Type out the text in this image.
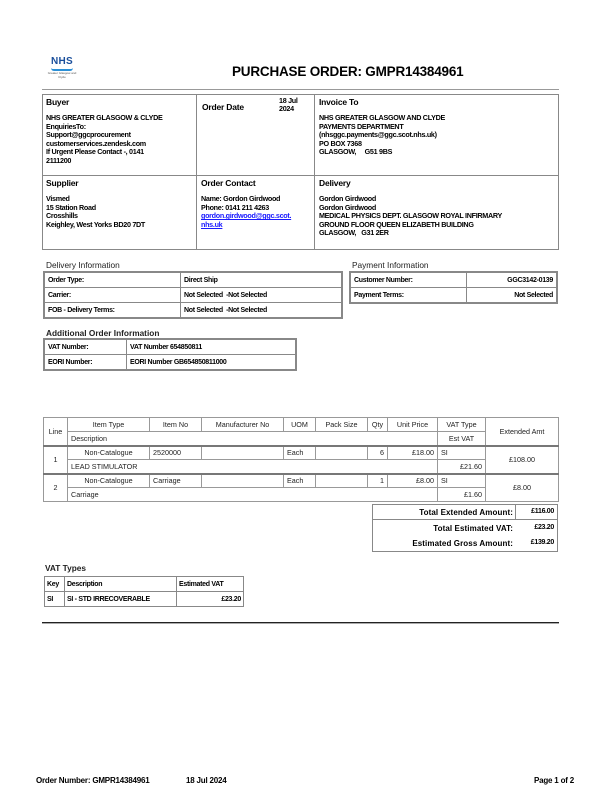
NHS
Greater Glasgow and Clyde	PURCHASE ORDER: GMPR14384961
Buyer
NHS GREATER GLASGOW & CLYDE
EnquiriesTo:
Support@ggcprocurement
customerservices.zendesk.com
If Urgent Please Contact -, 0141
2111200
Order Date
18 Jul
2024
Invoice To
NHS GREATER GLASGOW AND CLYDE
PAYMENTS DEPARTMENT
(nhsggc.payments@ggc.scot.nhs.uk)
PO BOX 7368
GLASGOW,     G51 9BS
Supplier
Vismed
15 Station Road
Crosshills
Keighley, West Yorks BD20 7DT
Order Contact
Name: Gordon Girdwood
Phone: 0141 211 4263
gordon.girdwood@ggc.scot.
nhs.uk
Delivery
Gordon Girdwood
Gordon Girdwood
MEDICAL PHYSICS DEPT. GLASGOW ROYAL INFIRMARY
GROUND FLOOR QUEEN ELIZABETH BUILDING
GLASGOW,   G31 2ER
Delivery Information
Order Type:	Direct Ship
Carrier:	Not Selected  -Not Selected
FOB - Delivery Terms:	Not Selected  -Not Selected
Payment Information
Customer Number:	GGC3142-0139
Payment Terms:	Not Selected
Additional Order Information
VAT Number:	VAT Number 654850811
EORI Number:	EORI Number GB654850811000
Line	Item Type	Item No	Manufacturer No	UOM	Pack Size	Qty	Unit Price	VAT Type	Extended Amt
	Description							Est VAT	
1	Non-Catalogue	2520000		Each		6	£18.00	SI	£108.00
	LEAD STIMULATOR							£21.60	
2	Non-Catalogue	Carriage		Each		1	£8.00	SI	£8.00
	Carriage							£1.60	
Total Extended Amount:	£116.00
Total Estimated VAT:	£23.20
Estimated Gross Amount:	£139.20
VAT Types
Key	Description	Estimated VAT
SI	SI - STD IRRECOVERABLE	£23.20
Order Number: GMPR14384961	18 Jul 2024	Page 1 of 2
